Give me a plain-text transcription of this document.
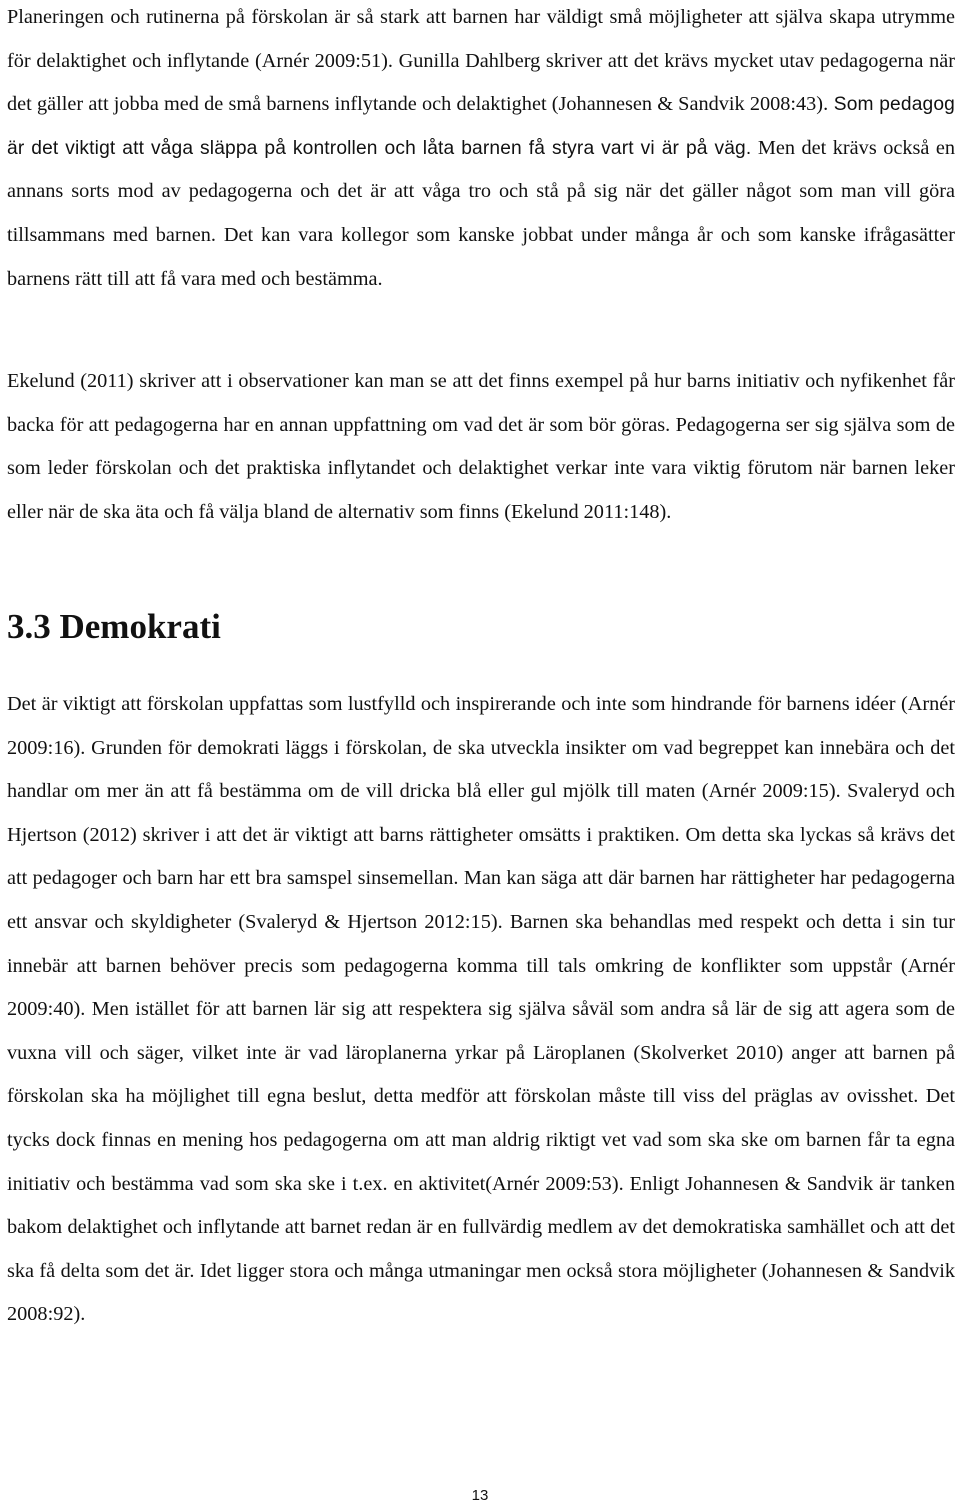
Planeringen och rutinerna på förskolan är så stark att barnen har väldigt små möjligheter att själva skapa utrymme för delaktighet och inflytande (Arnér 2009:51). Gunilla Dahlberg skriver att det krävs mycket utav pedagogerna när det gäller att jobba med de små barnens inflytande och delaktighet (Johannesen & Sandvik 2008:43). Som pedagog är det viktigt att våga släppa på kontrollen och låta barnen få styra vart vi är på väg. Men det krävs också en annans sorts mod av pedagogerna och det är att våga tro och stå på sig när det gäller något som man vill göra tillsammans med barnen. Det kan vara kollegor som kanske jobbat under många år och som kanske ifrågasätter barnens rätt till att få vara med och bestämma.

Ekelund (2011) skriver att i observationer kan man se att det finns exempel på hur barns initiativ och nyfikenhet får backa för att pedagogerna har en annan uppfattning om vad det är som bör göras. Pedagogerna ser sig själva som de som leder förskolan och det praktiska inflytandet och delaktighet verkar inte vara viktig förutom när barnen leker eller när de ska äta och få välja bland de alternativ som finns (Ekelund 2011:148).

3.3 Demokrati

Det är viktigt att förskolan uppfattas som lustfylld och inspirerande och inte som hindrande för barnens idéer (Arnér 2009:16). Grunden för demokrati läggs i förskolan, de ska utveckla insikter om vad begreppet kan innebära och det handlar om mer än att få bestämma om de vill dricka blå eller gul mjölk till maten (Arnér 2009:15). Svaleryd och Hjertson (2012) skriver i att det är viktigt att barns rättigheter omsätts i praktiken. Om detta ska lyckas så krävs det att pedagoger och barn har ett bra samspel sinsemellan. Man kan säga att där barnen har rättigheter har pedagogerna ett ansvar och skyldigheter (Svaleryd & Hjertson 2012:15). Barnen ska behandlas med respekt och detta i sin tur innebär att barnen behöver precis som pedagogerna komma till tals omkring de konflikter som uppstår (Arnér 2009:40). Men istället för att barnen lär sig att respektera sig själva såväl som andra så lär de sig att agera som de vuxna vill och säger, vilket inte är vad läroplanerna yrkar på Läroplanen (Skolverket 2010) anger att barnen på förskolan ska ha möjlighet till egna beslut, detta medför att förskolan måste till viss del präglas av ovisshet. Det tycks dock finnas en mening hos pedagogerna om att man aldrig riktigt vet vad som ska ske om barnen får ta egna initiativ och bestämma vad som ska ske i t.ex. en aktivitet(Arnér 2009:53). Enligt Johannesen & Sandvik är tanken bakom delaktighet och inflytande att barnet redan är en fullvärdig medlem av det demokratiska samhället och att det ska få delta som det är. Idet ligger stora och många utmaningar men också stora möjligheter (Johannesen & Sandvik 2008:92).

13
